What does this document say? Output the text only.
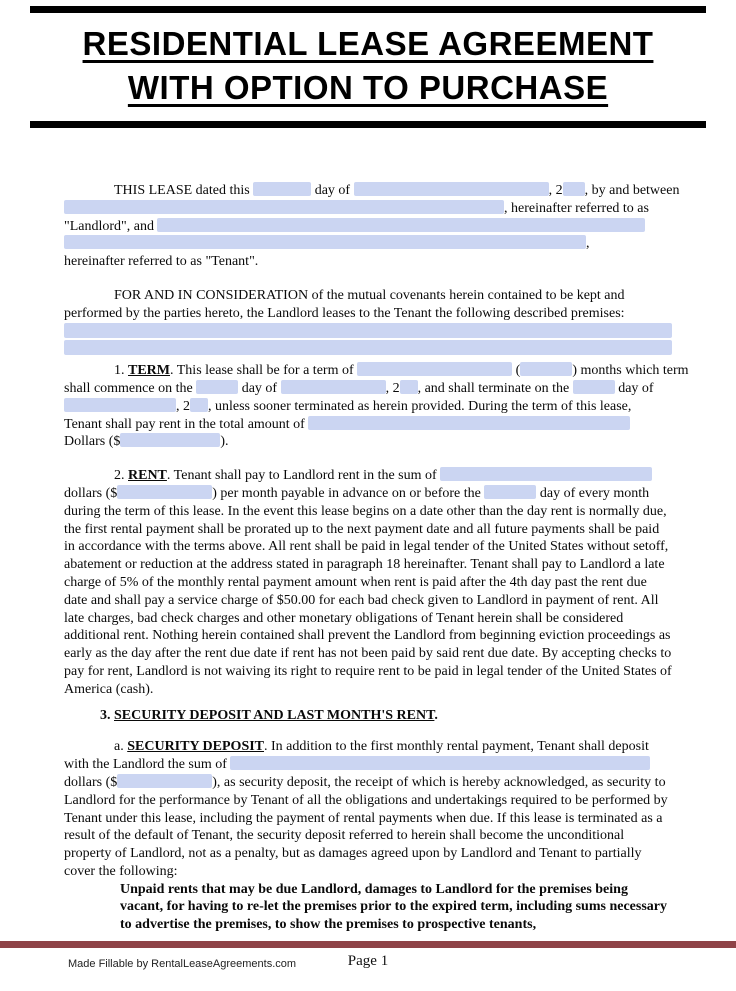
RESIDENTIAL LEASE AGREEMENT
WITH OPTION TO PURCHASE
THIS LEASE dated this	day of	, 2 , by and between
, hereinafter referred to as
"Landlord", and
,
hereinafter referred to as "Tenant".
FOR AND IN CONSIDERATION of the mutual covenants herein contained to be kept and performed by the parties hereto, the Landlord leases to the Tenant the following described premises:
1. TERM. This lease shall be for a term of	(	) months which term
shall commence on the	day of	, 2 , and shall terminate on the	day of
, 2 , unless sooner terminated as herein provided. During the term of this lease,
Tenant shall pay rent in the total amount of
Dollars ($	).
2. RENT. Tenant shall pay to Landlord rent in the sum of
dollars ($	) per month payable in advance on or before the	day of every month
during the term of this lease. In the event this lease begins on a date other than the day rent is normally due, the first rental payment shall be prorated up to the next payment date and all future payments shall be paid in accordance with the terms above. All rent shall be paid in legal tender of the United States without setoff, abatement or reduction at the address stated in paragraph 18 hereinafter. Tenant shall pay to Landlord a late charge of 5% of the monthly rental payment amount when rent is paid after the 4th day past the rent due date and shall pay a service charge of $50.00 for each bad check given to Landlord in payment of rent. All late charges, bad check charges and other monetary obligations of Tenant herein shall be considered additional rent. Nothing herein contained shall prevent the Landlord from beginning eviction proceedings as early as the day after the rent due date if rent has not been paid by said rent due date. By accepting checks to pay for rent, Landlord is not waiving its right to require rent to be paid in legal tender of the United States of America (cash).
3. SECURITY DEPOSIT AND LAST MONTH'S RENT.
a. SECURITY DEPOSIT. In addition to the first monthly rental payment, Tenant shall deposit
with the Landlord the sum of
dollars ($	), as security deposit, the receipt of which is hereby acknowledged, as security to
Landlord for the performance by Tenant of all the obligations and undertakings required to be performed by Tenant under this lease, including the payment of rental payments when due. If this lease is terminated as a result of the default of Tenant, the security deposit referred to herein shall become the unconditional property of Landlord, not as a penalty, but as damages agreed upon by Landlord and Tenant to partially cover the following:
Unpaid rents that may be due Landlord, damages to Landlord for the premises being vacant, for having to re-let the premises prior to the expired term, including sums necessary to advertise the premises, to show the premises to prospective tenants,
Made Fillable by RentalLeaseAgreements.com	Page 1
